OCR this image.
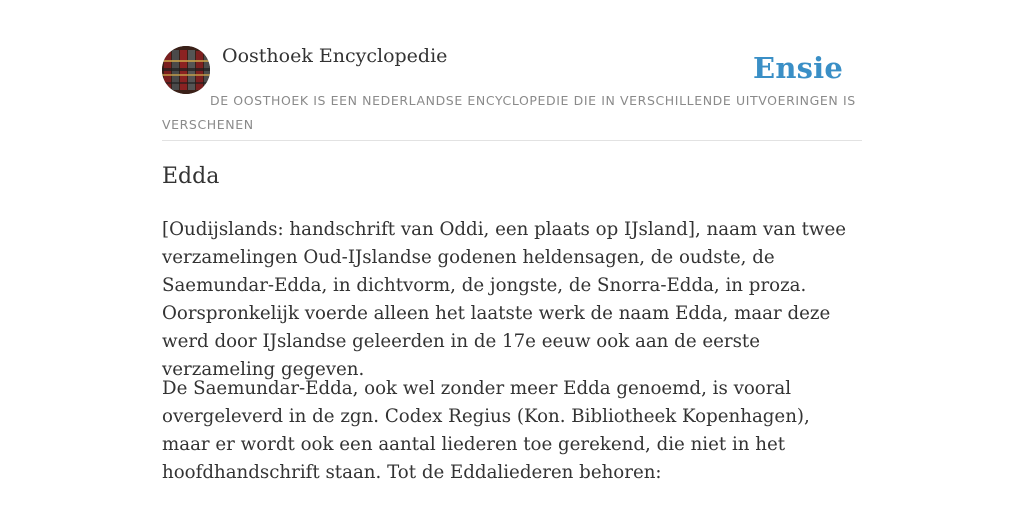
Oosthoek Encyclopedie	Ensie
DE OOSTHOEK IS EEN NEDERLANDSE ENCYCLOPEDIE DIE IN VERSCHILLENDE UITVOERINGEN IS VERSCHENEN
Edda

[Oudijslands: handschrift van Oddi, een plaats op IJsland], naam van twee verzamelingen Oud-IJslandse godenen heldensagen, de oudste, de Saemundar-Edda, in dichtvorm, de jongste, de Snorra-Edda, in proza. Oorspronkelijk voerde alleen het laatste werk de naam Edda, maar deze werd door IJslandse geleerden in de 17e eeuw ook aan de eerste verzameling gegeven.

De Saemundar-Edda, ook wel zonder meer Edda genoemd, is vooral overgeleverd in de zgn. Codex Regius (Kon. Bibliotheek Kopenhagen), maar er wordt ook een aantal liederen toe gerekend, die niet in het hoofdhandschrift staan. Tot de Eddaliederen behoren:
